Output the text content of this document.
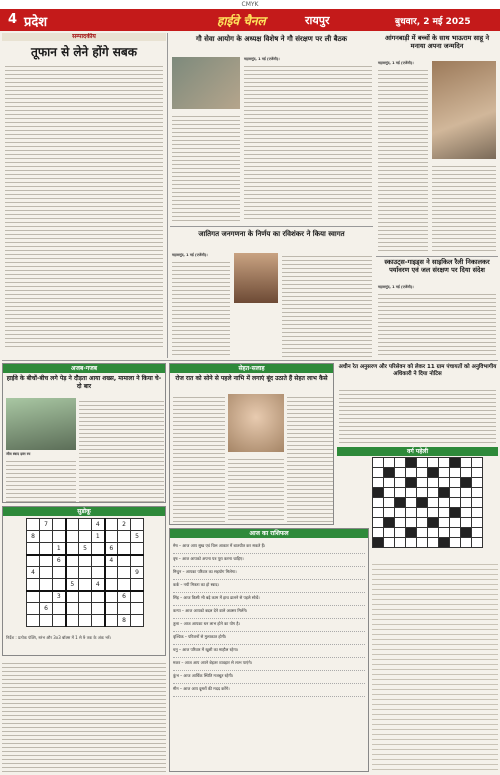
CMYK
4 प्रदेश	हाईवे चैनल	रायपुर	बुधवार, 2 मई 2025
सम्पादकीय
तूफान से लेने होंगे सबक
गौ सेवा आयोग के अध्यक्ष विशेष ने गौ संरक्षण पर ली बैठक
महासमुंद, 1 मई (एजेंसी)।
आंगनबाड़ी में बच्चों के साथ भाऊराम साहू ने मनाया अपना जन्मदिन
महासमुंद, 1 मई (एजेंसी)।
जातिगत जनगणना के निर्णय का रविशंकर ने किया स्वागत
महासमुंद, 1 मई (एजेंसी)।
स्काउट्स-गाइड्स ने साइकिल रैली निकालकर पर्यावरण एवं जल संरक्षण पर दिया संदेश
महासमुंद, 1 मई (एजेंसी)।
अजब-गजब
हाईवे के बीचों-बीच लगे पेड़ ने दौड़ता आया शख्स, मामाला ने किया चे-दो बार
जीव स्वाद इस्त रघ
सेहत-सलाह
रोज रात को सोने से पहले नाभि में लगाएं बूंद उठाते हैं सेहत लाभ कैसे
अधीन रेत अनुसरण और परिसेवन को लेकर 11 ग्राम पंचायतों को अनुविभागीय अधिकारी ने दिया नोटिस
वर्ग पहेली

सुडोकू
	7				4		2	
8					1			5
		1		5		6		
		6				4		
4								9
			5		4			
		3					6	
	6							
							8	
निर्देश : प्रत्येक पंक्ति, स्तंभ और 3x3 बॉक्स में 1 से 9 तक के अंक भरें।
आज का राशिफल
मेष – आज आप सुख एवं चित्त आकार में बातचीत कर सकते हैं।
वृष – आज आपको अपना पत्र पूरा करना चाहिए।
मिथुन – आपका परिवार का सहयोग मिलेगा।
कर्क – नयी मित्रता का हो स्वाद।
सिंह – आज किसी भी बड़े काम में हाथ डालने से पहले सोचें।
कन्या – आज आपको बदल देने वाले अवसर मिलेंगे।
तुला – आज आपका धन लाभ होने का योग है।
वृश्चिक – परिजनों से मुलाकात होगी।
धनु – आज परिवार में खुशी का माहौल रहेगा।
मकर – आज आप अपने बेहतर व्यवहार से लाभ पाएंगे।
कुंभ – आज आर्थिक स्थिति मजबूत रहेगी।
मीन – आज आप दूसरों की मदद करेंगे।
